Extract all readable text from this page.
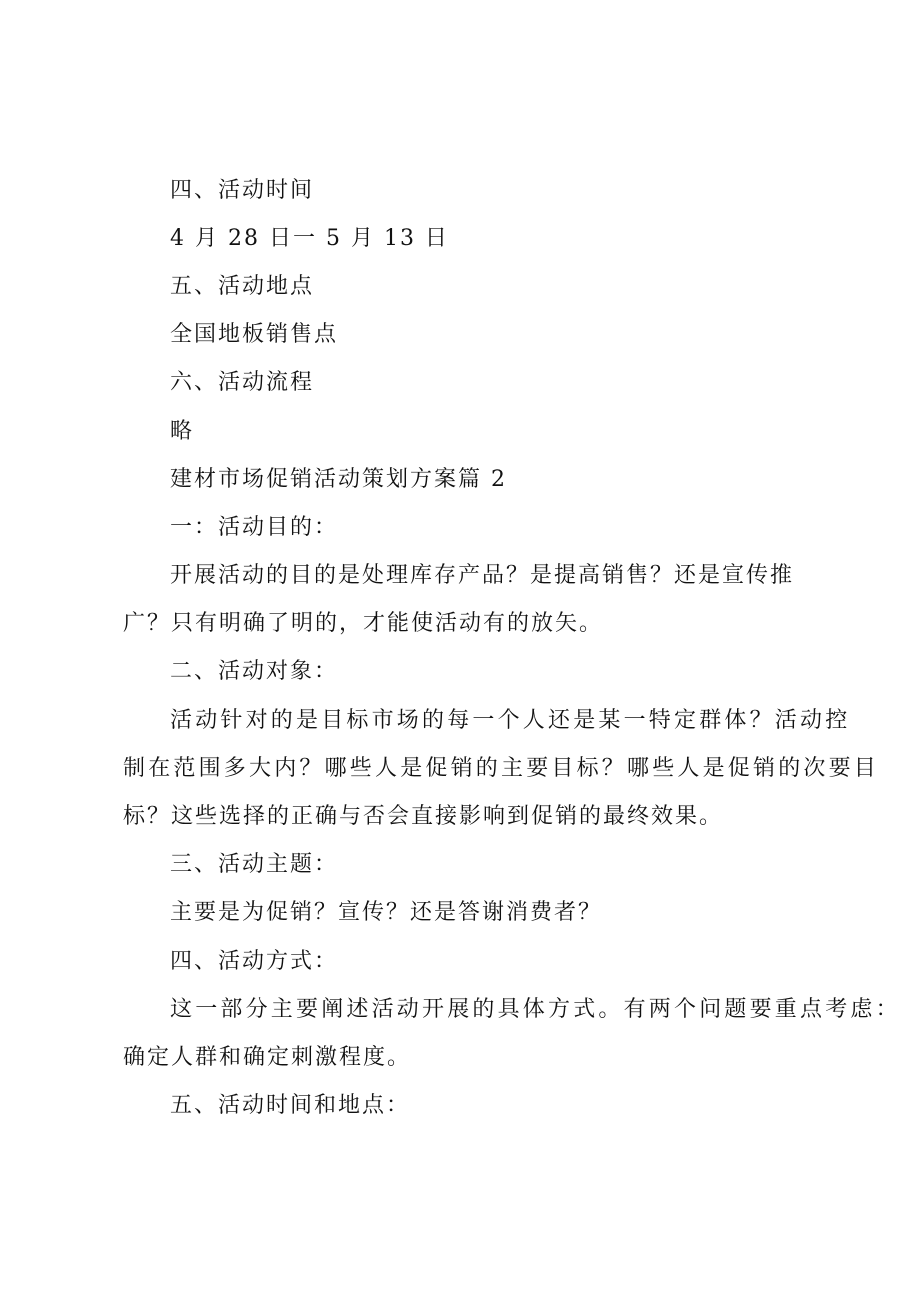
四、活动时间
4 月 28 日一 5 月 13 日
五、活动地点
全国地板销售点
六、活动流程
略
建材市场促销活动策划方案篇 2
一：活动目的：
开展活动的目的是处理库存产品？是提高销售？还是宣传推
广？只有明确了明的，才能使活动有的放矢。
二、活动对象：
活动针对的是目标市场的每一个人还是某一特定群体？活动控
制在范围多大内？哪些人是促销的主要目标？哪些人是促销的次要目
标？这些选择的正确与否会直接影响到促销的最终效果。
三、活动主题：
主要是为促销？宣传？还是答谢消费者？
四、活动方式：
这一部分主要阐述活动开展的具体方式。有两个问题要重点考虑：
确定人群和确定刺激程度。
五、活动时间和地点：
